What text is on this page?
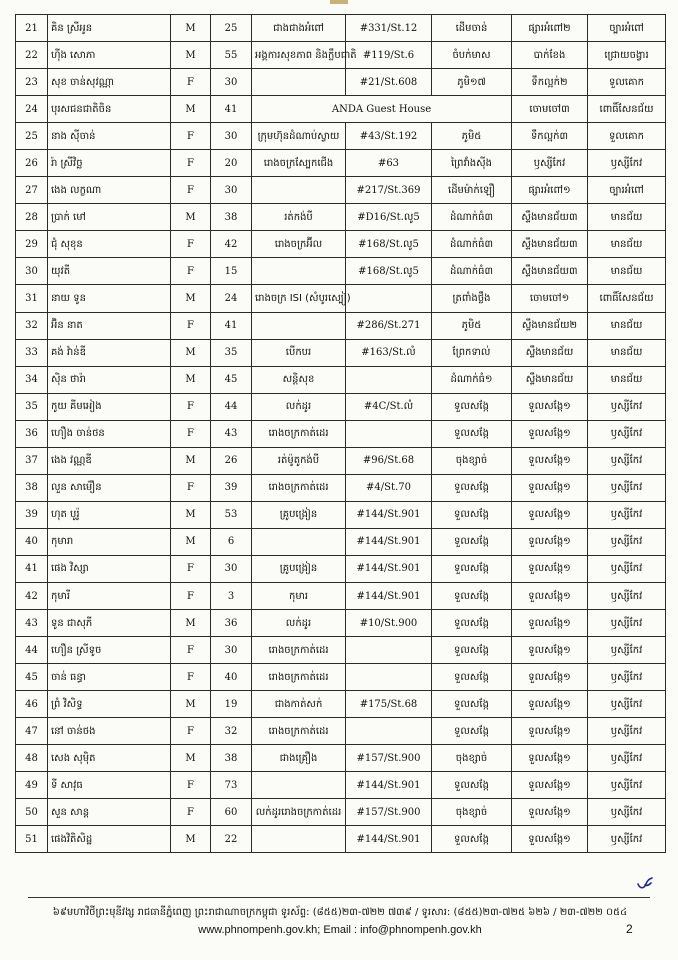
21	គិន ស្រីអូន	M	25	ជាងជាងអំពៅ	#331/St.12	ដើមចាន់	ផ្សារអំពៅ២	ច្បារអំពៅ
22	ហ៊ីង សោភា	M	55	អង្គការសុខភាព និងក្លឹបជាតិ	#119/St.6	ចំបក់មាស	បាក់ខែង	ជ្រោយចង្វារ
23	សុខ ចាន់សុវណ្ណា	F	30		#21/St.608	ភូមិ១៧	ទឹកល្អក់២	ទួលគោក
24	បុរសជនជាតិចិន	M	41	ANDA Guest House			ចោមចៅ៣	ពោធិ៍សែនជ័យ
25	នាង ស៊ីចាន់	F	30	ក្រុមហ៊ុនដំណាប់ស្វាយ	#43/St.192	ភូមិ៥	ទឹកល្អក់៣	ទួលគោក
26	រ៉ា ស្រីវិច្ឆ	F	20	រោងចក្រស្បែកជើង	#63	ព្រៃវាំងស៊ីង	ឫស្សីកែវ	ឫស្សីកែវ
27	ងេង លក្ខណា	F	30		#217/St.369	ដើមម៉ាក់ឡឿ	ផ្សារអំពៅ១	ច្បារអំពៅ
28	ប្រាក់ មៅ	M	38	រត់កង់បី	#D16/St.លូ5	ដំណាក់ធំ៣	ស្ទឹងមានជ័យ៣	មានជ័យ
29	ជុំ សុខុន	F	42	រោងចក្រអ៊ីល	#168/St.លូ5	ដំណាក់ធំ៣	ស្ទឹងមានជ័យ៣	មានជ័យ
30	យុវតី	F	15		#168/St.លូ5	ដំណាក់ធំ៣	ស្ទឹងមានជ័យ៣	មានជ័យ
31	នាយ ទូន	M	24	រោងចក្រ ISI (សំបូរស្បៀ)		ត្រពាំងថ្លឹង	ចោមចៅ១	ពោធិ៍សែនជ័យ
32	អ៊ិន នាត	F	41		#286/St.271	ភូមិ៥	ស្ទឹងមានជ័យ២	មានជ័យ
33	គង់ វ៉ាន់ឌី	M	35	បើកបរ	#163/St.លំ	ព្រែកទាល់	ស្ទឹងមានជ័យ	មានជ័យ
34	ស៊ិន ថារ៉ា	M	45	សន្តិសុខ		ដំណាក់ធំ១	ស្ទឹងមានជ័យ	មានជ័យ
35	កូយ គីមអៀង	F	44	លក់ដូរ	#4C/St.លំ	ទួលសង្កែ	ទួលសង្កែ១	ឫស្សីកែវ
36	ហឿង ចាន់ថន	F	43	រោងចក្រកាត់ដេរ		ទួលសង្កែ	ទួលសង្កែ១	ឫស្សីកែវ
37	ងេង វណ្ណឌី	M	26	រត់ម៉ូតូកង់បី	#96/St.68	ចុងខ្សាច់	ទួលសង្កែ១	ឫស្សីកែវ
38	លួន សាម៉ឿន	F	39	រោងចក្រកាត់ដេរ	#4/St.70	ទួលសង្កែ	ទួលសង្កែ១	ឫស្សីកែវ
39	ហុត បូរ៉ូ	M	53	គ្រូបង្រៀន	#144/St.901	ទួលសង្កែ	ទួលសង្កែ១	ឫស្សីកែវ
40	កុមារា	M	6		#144/St.901	ទួលសង្កែ	ទួលសង្កែ១	ឫស្សីកែវ
41	ផេង វិស្សា	F	30	គ្រូបង្រៀន	#144/St.901	ទួលសង្កែ	ទួលសង្កែ១	ឫស្សីកែវ
42	កុមារី	F	3	កុមារ	#144/St.901	ទួលសង្កែ	ទួលសង្កែ១	ឫស្សីកែវ
43	ទូន ជាសុភី	M	36	លក់ដូរ	#10/St.900	ទួលសង្កែ	ទួលសង្កែ១	ឫស្សីកែវ
44	ហឿន ស្រីទូច	F	30	រោងចក្រកាត់ដេរ		ទួលសង្កែ	ទួលសង្កែ១	ឫស្សីកែវ
45	ចាន់ ធន្ធា	F	40	រោងចក្រកាត់ដេរ		ទួលសង្កែ	ទួលសង្កែ១	ឫស្សីកែវ
46	ព្រំ វិសិទ្ធ	M	19	ជាងកាត់សក់	#175/St.68	ទួលសង្កែ	ទួលសង្កែ១	ឫស្សីកែវ
47	នៅ ចាន់ថង	F	32	រោងចក្រកាត់ដេរ		ទួលសង្កែ	ទួលសង្កែ១	ឫស្សីកែវ
48	សេង សុម៉ិត	M	38	ជាងគ្រឿង	#157/St.900	ចុងខ្សាច់	ទួលសង្កែ១	ឫស្សីកែវ
49	ទី សាវុធ	F	73		#144/St.901	ទួលសង្កែ	ទួលសង្កែ១	ឫស្សីកែវ
50	សួន សាន្ត	F	60	លក់ដូររោងចក្រកាត់ដេរ	#157/St.900	ចុងខ្សាច់	ទួលសង្កែ១	ឫស្សីកែវ
51	ផេងវិតិសិដ្ឋ	M	22		#144/St.901	ទួលសង្កែ	ទួលសង្កែ១	ឫស្សីកែវ
៦៩មហាវិថីព្រះមុនីវង្ស រាជធានីភ្នំពេញ ព្រះរាជាណាចក្រកម្ពុជា ទូរស័ព្ទ: (៨៥៥)២៣-៧២២ ៧៣៩ / ទូរសារ: (៨៥៥)២៣-៧២៥ ៦២៦ / ២៣-៧២២ ០៥៤
www.phnompenh.gov.kh; Email : info@phnompenh.gov.kh	2
